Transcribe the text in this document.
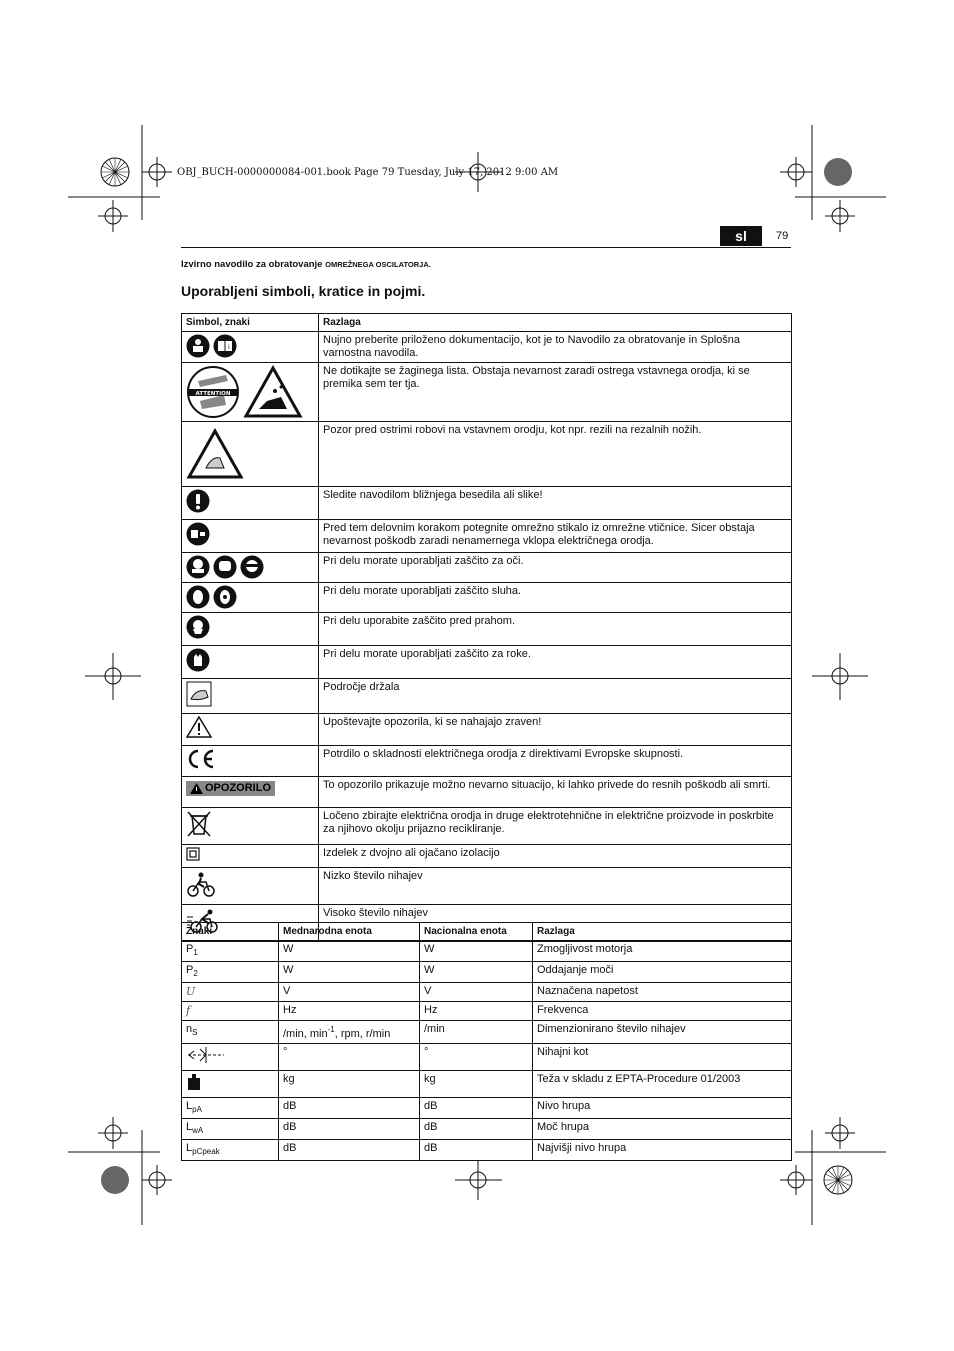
OBJ_BUCH-0000000084-001.book Page 79 Tuesday, July 17, 2012 9:00 AM
sl	79
Izvirno navodilo za obratovanje OMREŽNEGA OSCILATORJA.
Uporabljeni simboli, kratice in pojmi.
Simbol, znaki	Razlaga

i	Nujno preberite priloženo dokumentacijo, kot je to Navodilo za obratovanje in Splošna varnostna navodila.

ATTENTION	Ne dotikajte se žaginega lista. Obstaja nevarnost zaradi ostrega vstavnega orodja, ki se premika sem ter tja.
	Pozor pred ostrimi robovi na vstavnem orodju, kot npr. rezili na rezalnih nožih.
	Sledite navodilom bližnjega besedila ali slike!
	Pred tem delovnim korakom potegnite omrežno stikalo iz omrežne vtičnice. Sicer obstaja nevarnost poškodb zaradi nenamernega vklopa električnega orodja.

	Pri delu morate uporabljati zaščito za oči.

	Pri delu morate uporabljati zaščito sluha.
	Pri delu uporabite zaščito pred prahom.
	Pri delu morate uporabljati zaščito za roke.
	Področje držala
	Upoštevajte opozorila, ki se nahajajo zraven!
	Potrdilo o skladnosti električnega orodja z direktivami Evropske skupnosti.

OPOZORILO	To opozorilo prikazuje možno nevarno situacijo, ki lahko privede do resnih poškodb ali smrti.
	Ločeno zbirajte električna orodja in druge elektrotehnične in električne proizvode in poskrbite za njihovo okolju prijazno recikliranje.
	Izdelek z dvojno ali ojačano izolacijo
	Nizko število nihajev
	Visoko število nihajev
Znaki	Mednarodna enota	Nacionalna enota	Razlaga
$P_1$	W	W	Zmogljivost motorja
$P_2$	W	W	Oddajanje moči
U	V	V	Naznačena napetost
f	Hz	Hz	Frekvenca
$n_S$	/min, $\min^{-1}$, rpm, r/min	/min	Dimenzionirano število nihajev
	°	°	Nihajni kot
	kg	kg	Teža v skladu z EPTA-Procedure 01/2003
$L_{pA}$	dB	dB	Nivo hrupa
$L_{wA}$	dB	dB	Moč hrupa
$L_{pCpeak}$	dB	dB	Najvišji nivo hrupa
